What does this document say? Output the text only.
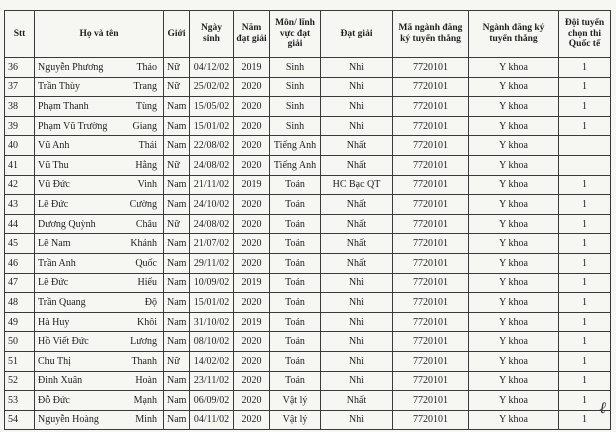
Stt	Họ và tên	Giới	Ngày sinh	Năm đạt giải	Môn/ lĩnh vực đạt giải	Đạt giải	Mã ngành đăng ký tuyển thẳng	Ngành đăng ký tuyển thẳng	Đội tuyển chọn thi Quốc tế
36	Nguyễn Phương Thảo	Nữ	04/12/02	2019	Sinh	Nhì	7720101	Y khoa	1
37	Trần Thùy Trang	Nữ	25/02/02	2020	Sinh	Nhì	7720101	Y khoa	1
38	Phạm Thanh Tùng	Nam	15/05/02	2020	Sinh	Nhì	7720101	Y khoa	1
39	Phạm Vũ Trường Giang	Nam	15/01/02	2020	Sinh	Nhì	7720101	Y khoa	1
40	Vũ Anh Thái	Nam	22/08/02	2020	Tiếng Anh	Nhất	7720101	Y khoa	
41	Vũ Thu Hằng	Nữ	24/08/02	2020	Tiếng Anh	Nhất	7720101	Y khoa	
42	Vũ Đức Vinh	Nam	21/11/02	2019	Toán	HC Bạc QT	7720101	Y khoa	1
43	Lê Đức Cường	Nam	24/10/02	2020	Toán	Nhất	7720101	Y khoa	1
44	Dương Quỳnh Châu	Nữ	24/08/02	2020	Toán	Nhất	7720101	Y khoa	1
45	Lê Nam Khánh	Nam	21/07/02	2020	Toán	Nhất	7720101	Y khoa	1
46	Trần Anh Quốc	Nam	29/11/02	2020	Toán	Nhất	7720101	Y khoa	1
47	Lê Đức Hiếu	Nam	10/09/02	2019	Toán	Nhì	7720101	Y khoa	1
48	Trần Quang Độ	Nam	15/01/02	2020	Toán	Nhì	7720101	Y khoa	1
49	Hà Huy Khôi	Nam	31/10/02	2019	Toán	Nhì	7720101	Y khoa	1
50	Hồ Viết Đức Lương	Nam	08/10/02	2020	Toán	Nhì	7720101	Y khoa	1
51	Chu Thị Thanh	Nữ	14/02/02	2020	Toán	Nhì	7720101	Y khoa	1
52	Đinh Xuân Hoàn	Nam	23/11/02	2020	Toán	Nhì	7720101	Y khoa	1
53	Đỗ Đức Mạnh	Nam	06/09/02	2020	Vật lý	Nhất	7720101	Y khoa	1
54	Nguyễn Hoàng Minh	Nam	04/11/02	2020	Vật lý	Nhì	7720101	Y khoa	1
ℓ
